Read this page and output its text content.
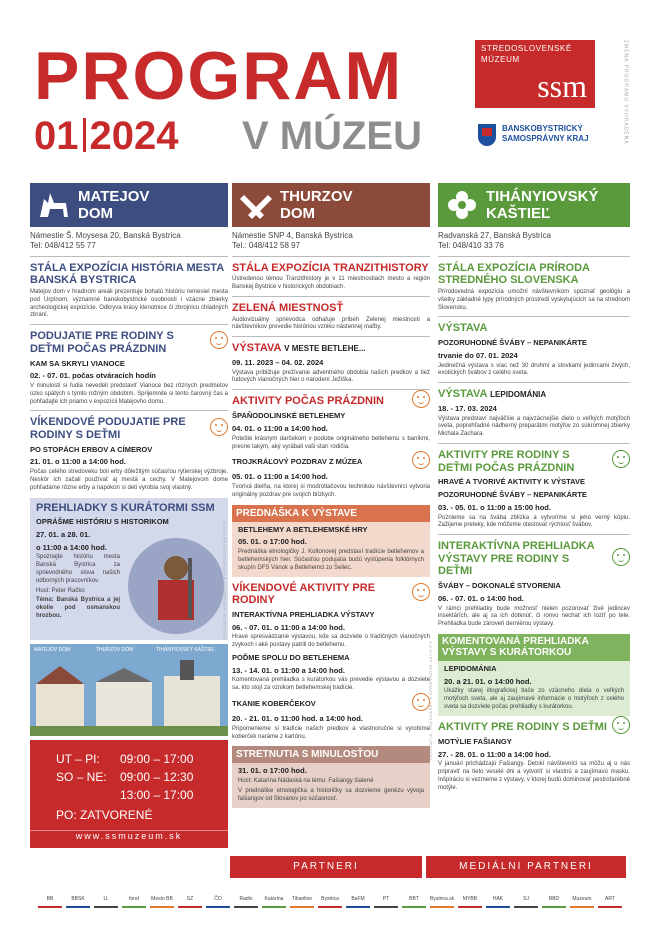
PROGRAM
01 2024 V MÚZEU
STREDOSLOVENSKÉ
MÚZEUM
ssm
BANSKOBYSTRICKÝ
SAMOSPRÁVNY KRAJ	ZMENA PROGRAMU VYHRADENÁ
MATEJOV
DOM
Námestie Š. Moysesa 20, Banská Bystrica
Tel: 048/412 55 77
STÁLA EXPOZÍCIA HISTÓRIA MESTA BANSKÁ BYSTRICA
Matejov dom v hradnom areáli prezentuje bohatú históriu remesiel mesta pod Urpínom, významné banskobystrické osobnosti i vzácne zbierky archeologickej expozície. Odkryva krásy klenotnice či zbrojnicu chladných zbraní.
PODUJATIE PRE RODINY S DEŤMI POČAS PRÁZDNIN
KAM SA SKRYLI VIANOCE
02. - 07. 01. počas otváracích hodín
V minulosti si ľudia nevedeli predstaviť Vianoce bez rôznych predmetov úzko spätých s týmto rožným obdobím. Spriјemnite si tento čarovný čas a pohľadajte ich priamo v expozícii Matejovho domu.
VÍKENDOVÉ PODUJATIE PRE RODINY S DEŤMI
PO STOPÁCH ERBOV A CÍMEROV
21. 01. o 11:00 a 14:00 hod.
Počas celého stredoveku boli erby dôležitým súčasťou rytierskej výzbroje. Neskôr ich začali používať aj mestá a cechy. V Matejovom dome pohľadáme rôzne erby a napokon si deti vyrobia svoj vlastný.
PREHLIADKY S KURÁTORMI SSM
OPRÁŠME HISTÓRIU S HISTORIKOM
27. 01. a 28. 01.
o 11:00 a 14:00 hod.
Spoznajte históriu mesta Banská Bystrica za sprievodného slova našich odborných pracovníkov.
Host: Peter Račko
Téma: Banská Bystrica a jej okolie pod osmanskou hrozbou.
MATEJOV DOM	THURZOV DOM	TIHÁNYIOVSKÝ KAŠTIEĽ
UT – PI: 09:00 – 17:00
SO – NE: 09:00 – 12:30
13:00 – 17:00
PO: ZATVORENÉ
www.ssmuzeum.sk
THURZOV
DOM
Námestie SNP 4, Banská Bystrica
Tel.: 048/412 58 97
STÁLA EXPOZÍCIA TRANZITHISTORY
Ústredenou témou Tranzithistory je v 11 miestnostiach mesto a región Banskej Bystrice v historických obdobiach.
ZELENÁ MIESTNOSŤ
Audiovizuálny sprievodca odhaľuje príbeh Zelenej miestnosti a návštevníkov prevedie históriou vzniku nástennej maľby.
VÝSTAVA V MESTE BETLEHE...
09. 11. 2023 – 04. 02. 2024
Výstava približuje prežívanie adventného obdobia našich predkov a tiež ľudových vianočných hier o narodení Ježiška.
AKTIVITY POČAS PRÁZDNIN
ŠPAŇODOLINSKÉ BETLEHEMY
04. 01. o 11:00 a 14:00 hod.
Potešte krásnym darčekom v podobe originálneho betlehemu s baníkmi, presne takým, aký vyrábali vaši starí rodičia.
TROJKRÁĽOVÝ POZDRAV Z MÚZEA
05. 01. o 11:00 a 14:00 hod.
Tvorivá dielňa, na ktorej si modrotlačovou technikou návštevníci vytvoria originálny pozdrav pre svojich blízkych.
PREDNÁŠKA K VÝSTAVE
BETLEHEMY A BETLEHEMSKÉ HRY
05. 01. o 17:00 hod.
Prednáška etnologičky J. Koltonovej predstaví tradície betlehemov a betlehemských hier. Súčasťou podujatia budú vystúpenia folklórnych skupín DFS Vánok a Betlehemci zo Selieс.
VÍKENDOVÉ AKTIVITY PRE RODINY
INTERAKTÍVNA PREHLIADKA VÝSTAVY
06. - 07. 01. o 11:00 a 14:00 hod.
Hravé spresvádzanie výstavou, kde sa dozviete o tradičných vianočných zvykoch i aké postavy patrili do betlehemu.
POĎME SPOLU DO BETLEHEMA
13. - 14. 01. o 11:00 a 14:00 hod.
Komentovaná prehliadka s kurátorkou vás prevedie výstavou a dozviete sa, kto stojí za vznikom betlehemskej tradície.
TKANIE KOBERČEKOV
20. - 21. 01. o 11:00 hod. a 14:00 hod.
Pripomenieme si tradície našich predkov a vlastnoručne si vyrobíme koberček naráme z kartónu.
STRETNUTIA S MINULOSŤOU
31. 01. o 17:00 hod.
Host: Katarína Nádaská na tému: Fašiangy šialené
V prednáške etnologička a historičky sa dozvieme genézu vývoja fašiangov od Slovanov po súčasnosť.
PODUJATIA, PREDNÁŠKY A SPRIEVODNÉ AKTIVITY
PODUJATIA, PREDNÁŠKY A SPRIEVODNÉ AKTIVITY
TIHÁNYIOVSKÝ
KAŠTIEĽ
Radvanská 27, Banská Bystrica
Tel: 048/410 33 76
STÁLA EXPOZÍCIA PRÍRODA STREDNÉHO SLOVENSKA
Prírodovedná expozícia umožní návštevníkom spoznať geológiu a všetky základné typy prírodných prostredí vyskytujúcich sa na strednom Slovensku.
VÝSTAVA
POZORUHODNÉ ŠVÁBY – NEPANIKÁRTE
trvanie do 07. 01. 2024
Jedinečná výstava s viac než 30 druhmi a stovkami jedincami živých, exotických švábov z celého sveta.
VÝSTAVA LEPIDOMÁNIA
18. - 17. 03. 2024
Výstava predstaví najväčšie a najvzácnejšie dielo o veľkých motýľoch sveta, poprehľadné nádherný preparátmi motýľov zo súkromnej zbierky Michala Zachara.
AKTIVITY PRE RODINY S DEŤMI POČAS PRÁZDNIN
HRAVÉ A TVORIVÉ AKTIVITY K VÝSTAVE
POZORUHODNÉ ŠVÁBY – NEPANIKÁRTE
03. - 05. 01. o 11:00 a 15:00 hod.
Poznieme sa na švába zblízka a vytvoríme si jeho verný kópiu. Zažijeme preteky, kde môžeme otestovať rýchlosť švábov.
INTERAKTÍVNA PREHLIADKA VÝSTAVY PRE RODINY S DEŤMI
ŠVÁBY – DOKONALÉ STVORENIA
06. - 07. 01. o 14:00 hod.
V rámci prehliadky bude možnosť nielen pozorovať živé jedincev insektárích, ale aj sa ich dotknúť, či ronvo nechať ich lozíť po tele. Prehliadka bude zároveň derniérou výstavy.
KOMENTOVANÁ PREHLIADKA VÝSTAVY S KURÁTORKOU
LEPIDOMÁNIA
20. a 21. 01. o 14:00 hod.
Ukážky starej iltografickej tlače zo vzácneho diela o veľkých motýľoch sveta, ale aj zaujímavé informácie o motýľoch z celého sveta sa dozviete počas prehliadky s kurátorkou.
AKTIVITY PRE RODINY S DEŤMI
MOTÝLIE FAŠIANGY
27. - 28. 01. o 11:00 a 14:00 hod.
V januári prichádzajú Fašiangy. Detskí návštevníci sa môžu aj u nás pripraviť na tieto veselé dni a vytvoriť si vlastnú a zaujímavú masku. Inšpiráciu si vezmeme z výstavy, v ktorej budú dominovať pestrofarebné motýle.
PARTNERI	MEDIÁLNI PARTNERI
BB	BBSK	U.	fond	Mesto BB	SZ	ČO	Radio	Katarína	Tibanline	Bystrica	BaFM	PT	BBT	Bystrica.sk	MYBB	HAK	SJ	BBD	Muzeum	ART
